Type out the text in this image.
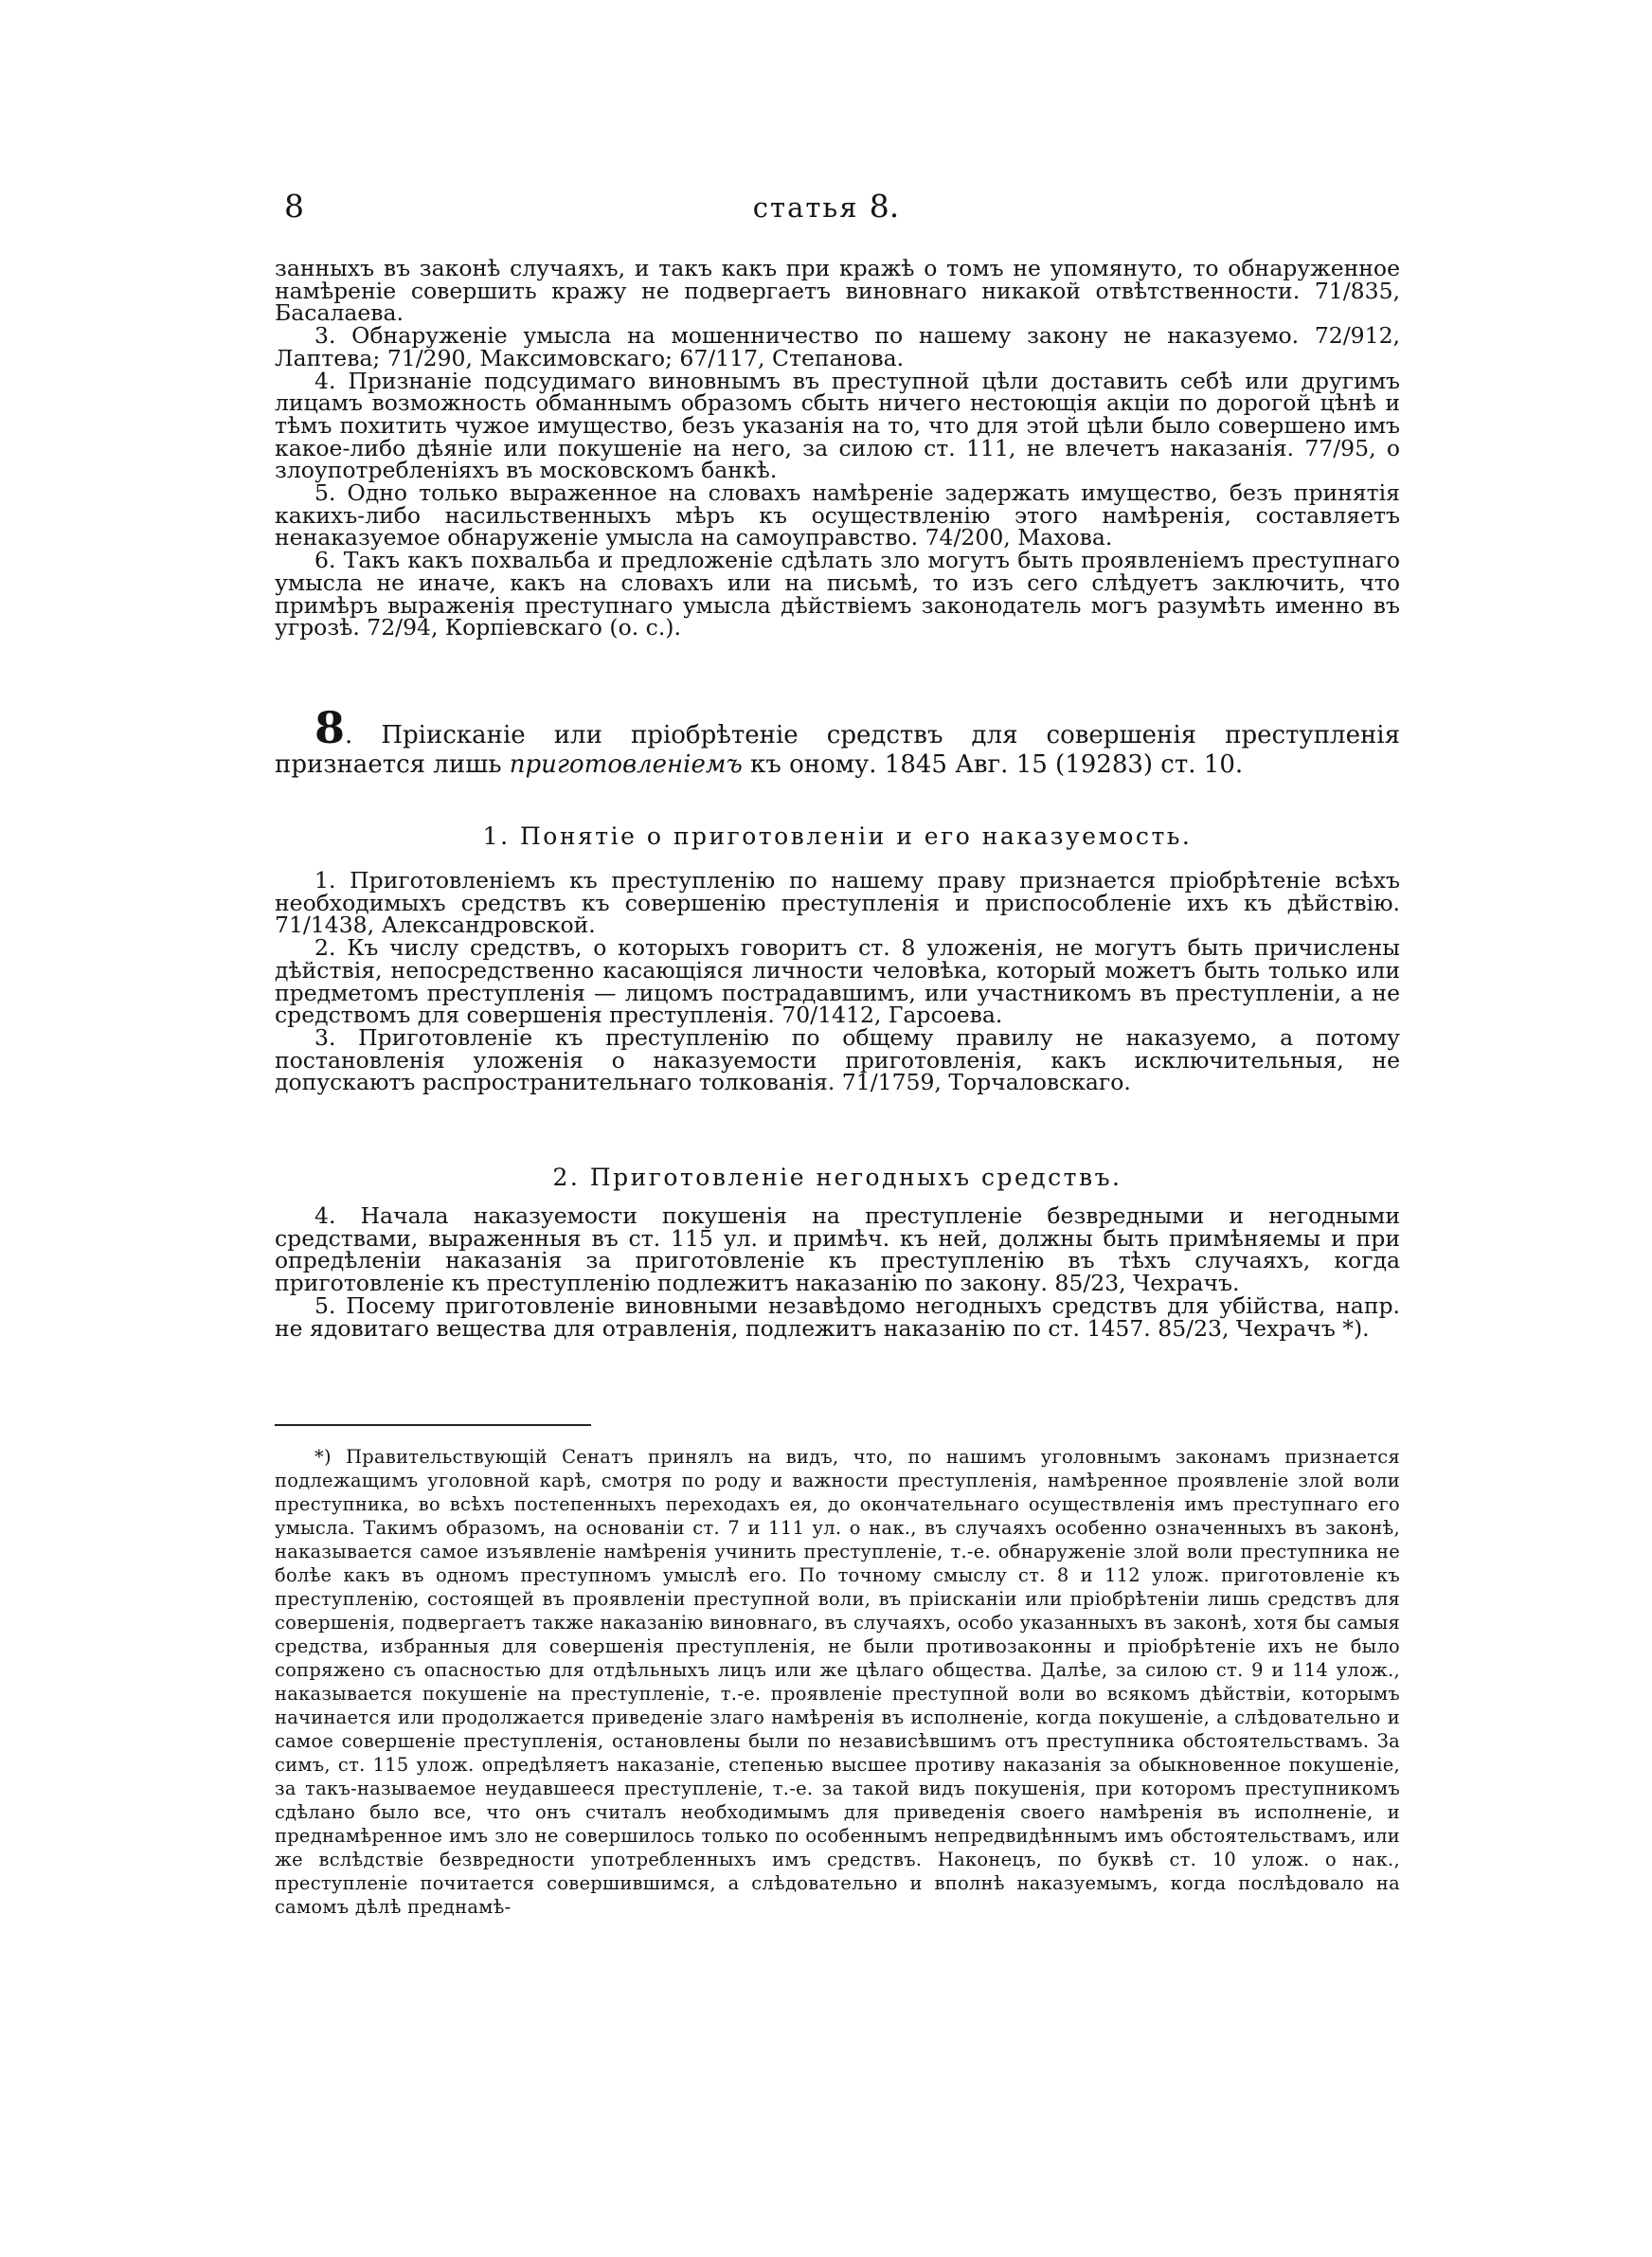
8	статья 8.

занныхъ въ законѣ случаяхъ, и такъ какъ при кражѣ о томъ не упомянуто, то обнаруженное намѣреніе совершить кражу не подвергаетъ виновнаго никакой отвѣтственности. 71/835, Басалаева.

3. Обнаруженіе умысла на мошенничество по нашему закону не наказуемо. 72/912, Лаптева; 71/290, Максимовскаго; 67/117, Степанова.

4. Признаніе подсудимаго виновнымъ въ преступной цѣли доставить себѣ или другимъ лицамъ возможность обманнымъ образомъ сбыть ничего нестоющія акціи по дорогой цѣнѣ и тѣмъ похитить чужое имущество, безъ указанія на то, что для этой цѣли было совершено имъ какое-либо дѣяніе или покушеніе на него, за силою ст. 111, не влечетъ наказанія. 77/95, о злоупотребленіяхъ въ московскомъ банкѣ.

5. Одно только выраженное на словахъ намѣреніе задержать имущество, безъ принятія какихъ-либо насильственныхъ мѣръ къ осуществленію этого намѣренія, составляетъ ненаказуемое обнаруженіе умысла на самоуправство. 74/200, Махова.

6. Такъ какъ похвальба и предложеніе сдѣлать зло могутъ быть проявленіемъ преступнаго умысла не иначе, какъ на словахъ или на письмѣ, то изъ сего слѣдуетъ заключить, что примѣръ выраженія преступнаго умысла дѣйствіемъ законодатель могъ разумѣть именно въ угрозѣ. 72/94, Корпіевскаго (о. с.).

8. Пріисканіе или пріобрѣтеніе средствъ для совершенія преступленія признается лишь приготовленіемъ къ оному. 1845 Авг. 15 (19283) ст. 10.

1. Понятіе о приготовленіи и его наказуемость.

1. Приготовленіемъ къ преступленію по нашему праву признается пріобрѣтеніе всѣхъ необходимыхъ средствъ къ совершенію преступленія и приспособленіе ихъ къ дѣйствію. 71/1438, Александровской.

2. Къ числу средствъ, о которыхъ говоритъ ст. 8 уложенія, не могутъ быть причислены дѣйствія, непосредственно касающіяся личности человѣка, который можетъ быть только или предметомъ преступленія — лицомъ пострадавшимъ, или участникомъ въ преступленіи, а не средствомъ для совершенія преступленія. 70/1412, Гарсоева.

3. Приготовленіе къ преступленію по общему правилу не наказуемо, а потому постановленія уложенія о наказуемости приготовленія, какъ исключительныя, не допускаютъ распространительнаго толкованія. 71/1759, Торчаловскаго.

2. Приготовленіе негодныхъ средствъ.

4. Начала наказуемости покушенія на преступленіе безвредными и негодными средствами, выраженныя въ ст. 115 ул. и примѣч. къ ней, должны быть примѣняемы и при опредѣленіи наказанія за приготовленіе къ преступленію въ тѣхъ случаяхъ, когда приготовленіе къ преступленію подлежитъ наказанію по закону. 85/23, Чехрачъ.

5. Посему приготовленіе виновными незавѣдомо негодныхъ средствъ для убійства, напр. не ядовитаго вещества для отравленія, подлежитъ наказанію по ст. 1457. 85/23, Чехрачъ *).

*) Правительствующій Сенатъ принялъ на видъ, что, по нашимъ уголовнымъ законамъ признается подлежащимъ уголовной карѣ, смотря по роду и важности преступленія, намѣренное проявленіе злой воли преступника, во всѣхъ постепенныхъ переходахъ ея, до окончательнаго осуществленія имъ преступнаго его умысла. Такимъ образомъ, на основаніи ст. 7 и 111 ул. о нак., въ случаяхъ особенно означенныхъ въ законѣ, наказывается самое изъявленіе намѣренія учинить преступленіе, т.-е. обнаруженіе злой воли преступника не болѣе какъ въ одномъ преступномъ умыслѣ его. По точному смыслу ст. 8 и 112 улож. приготовленіе къ преступленію, состоящей въ проявленіи преступной воли, въ пріисканіи или пріобрѣтеніи лишь средствъ для совершенія, подвергаетъ также наказанію виновнаго, въ случаяхъ, особо указанныхъ въ законѣ, хотя бы самыя средства, избранныя для совершенія преступленія, не были противозаконны и пріобрѣтеніе ихъ не было сопряжено съ опасностью для отдѣльныхъ лицъ или же цѣлаго общества. Далѣе, за силою ст. 9 и 114 улож., наказывается покушеніе на преступленіе, т.-е. проявленіе преступной воли во всякомъ дѣйствіи, которымъ начинается или продолжается приведеніе злаго намѣренія въ исполненіе, когда покушеніе, а слѣдовательно и самое совершеніе преступленія, остановлены были по независѣвшимъ отъ преступника обстоятельствамъ. За симъ, ст. 115 улож. опредѣляетъ наказаніе, степенью высшее противу наказанія за обыкновенное покушеніе, за такъ-называемое неудавшееся преступленіе, т.-е. за такой видъ покушенія, при которомъ преступникомъ сдѣлано было все, что онъ считалъ необходимымъ для приведенія своего намѣренія въ исполненіе, и преднамѣренное имъ зло не совершилось только по особеннымъ непредвидѣннымъ имъ обстоятельствамъ, или же вслѣдствіе безвредности употребленныхъ имъ средствъ. Наконецъ, по буквѣ ст. 10 улож. о нак., преступленіе почитается совершившимся, а слѣдовательно и вполнѣ наказуемымъ, когда послѣдовало на самомъ дѣлѣ преднамѣ-
